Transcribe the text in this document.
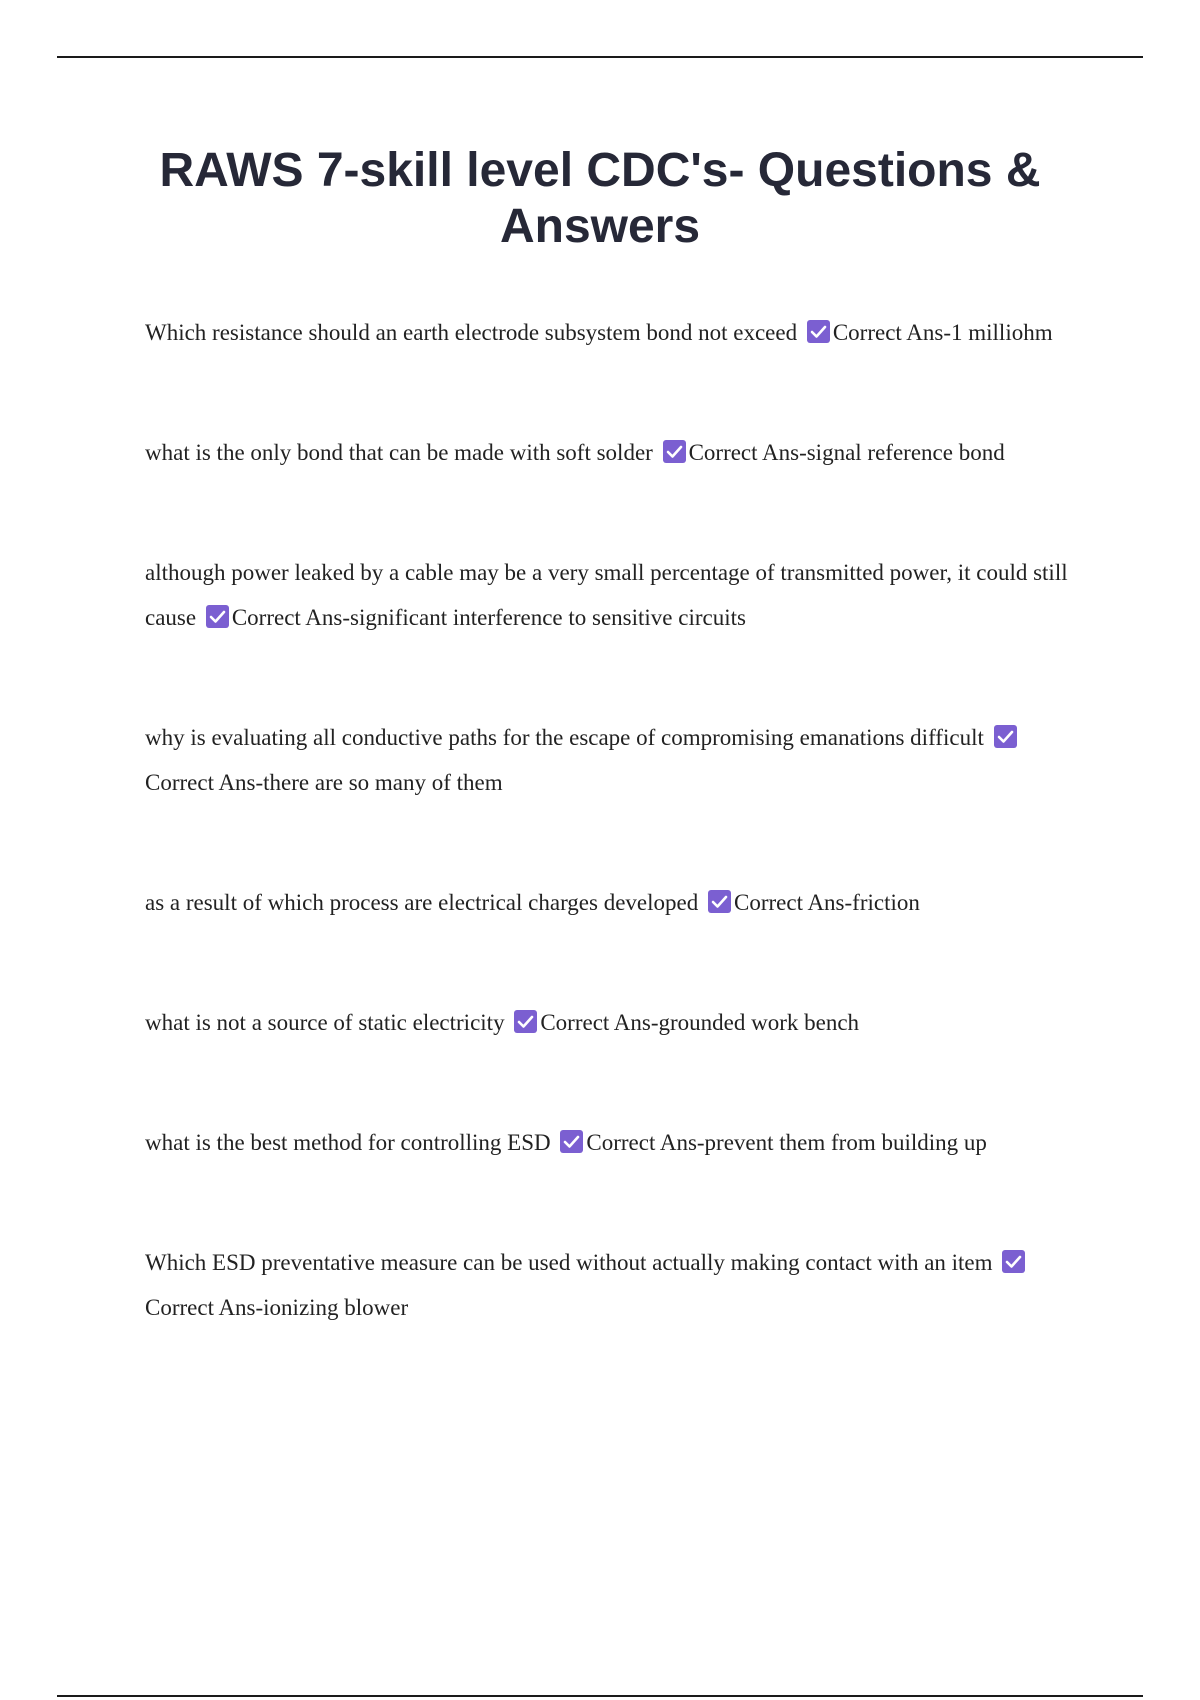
RAWS 7-skill level CDC's- Questions & Answers

Which resistance should an earth electrode subsystem bond not exceed Correct Ans-1 milliohm

what is the only bond that can be made with soft solder Correct Ans-signal reference bond

although power leaked by a cable may be a very small percentage of transmitted power, it could still cause Correct Ans-significant interference to sensitive circuits

why is evaluating all conductive paths for the escape of compromising emanations difficult
Correct Ans-there are so many of them

as a result of which process are electrical charges developed Correct Ans-friction

what is not a source of static electricity Correct Ans-grounded work bench

what is the best method for controlling ESD Correct Ans-prevent them from building up

Which ESD preventative measure can be used without actually making contact with an item
Correct Ans-ionizing blower
